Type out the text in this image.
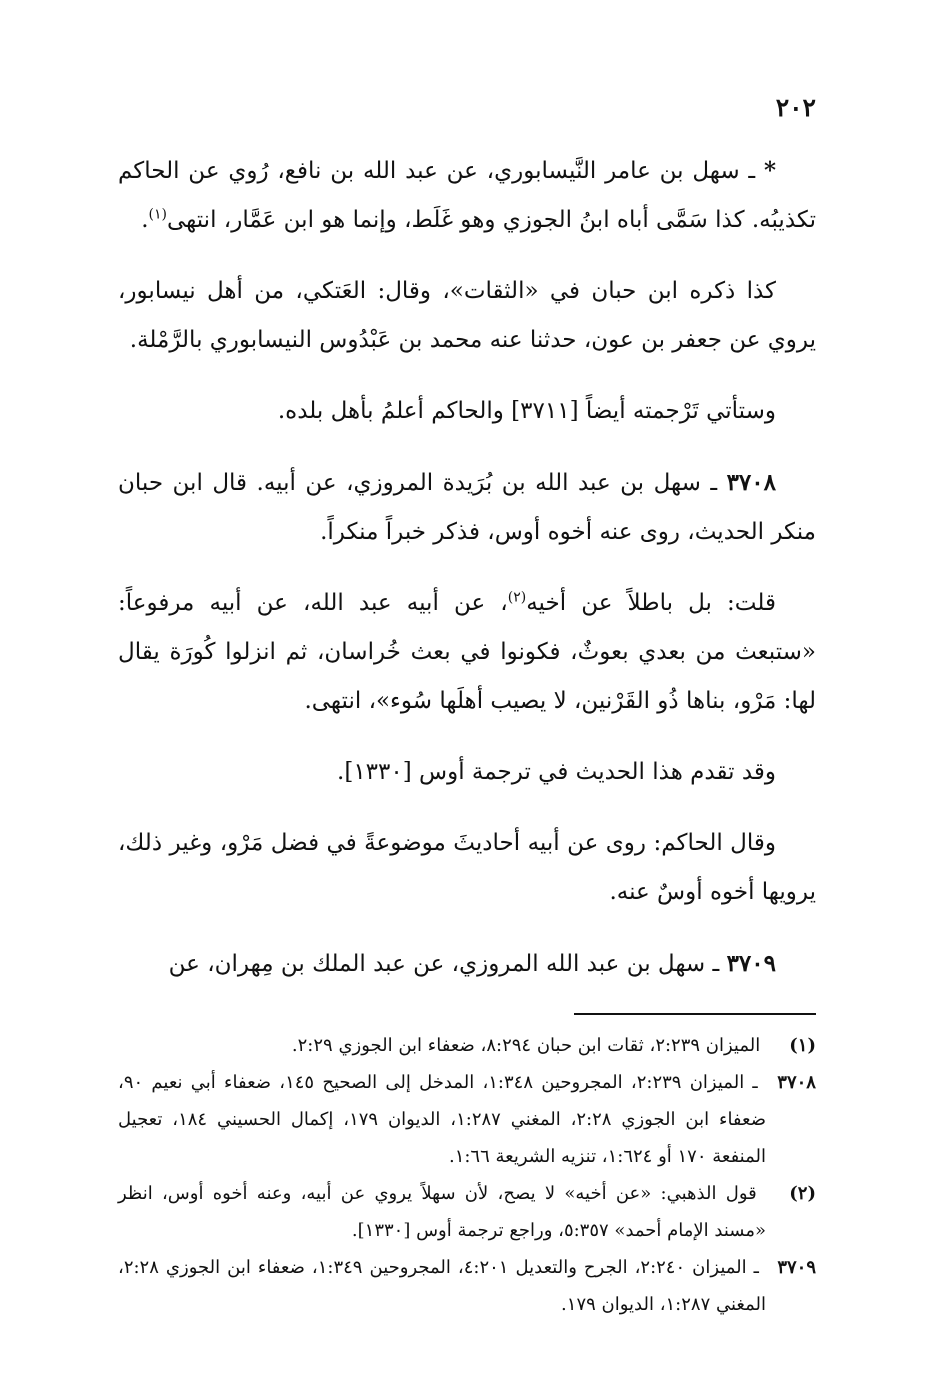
٢٠٢

* ـ سهل بن عامر النَّيسابوري، عن عبد الله بن نافع، رُوي عن الحاكم تكذيبُه. كذا سَمَّى أباه ابنُ الجوزي وهو غَلَط، وإنما هو ابن عَمَّار، انتهى$^{(١)}$.

كذا ذكره ابن حبان في «الثقات»، وقال: العَتكي، من أهل نيسابور، يروي عن جعفر بن عون، حدثنا عنه محمد بن عَبْدُوس النيسابوري بالرَّمْلة.

وستأتي تَرْجمته أيضاً [٣٧١١] والحاكم أعلمُ بأهل بلده.

٣٧٠٨ ـ سهل بن عبد الله بن بُرَيدة المروزي، عن أبيه. قال ابن حبان منكر الحديث، روى عنه أخوه أوس، فذكر خبراً منكراً.

قلت: بل باطلاً عن أخيه$^{(٢)}$، عن أبيه عبد الله، عن أبيه مرفوعاً: «ستبعث من بعدي بعوثٌ، فكونوا في بعث خُراسان، ثم انزلوا كُورَة يقال لها: مَرْو، بناها ذُو القَرْنين، لا يصيب أهلَها سُوء»، انتهى.

وقد تقدم هذا الحديث في ترجمة أوس [١٣٣٠].

وقال الحاكم: روى عن أبيه أحاديثَ موضوعةً في فضل مَرْو، وغير ذلك، يرويها أخوه أوسٌ عنه.

٣٧٠٩ ـ سهل بن عبد الله المروزي، عن عبد الملك بن مِهران، عن

(١) الميزان ٢:٢٣٩، ثقات ابن حبان ٨:٢٩٤، ضعفاء ابن الجوزي ٢:٢٩.

٣٧٠٨ ـ الميزان ٢:٢٣٩، المجروحين ١:٣٤٨، المدخل إلى الصحيح ١٤٥، ضعفاء أبي نعيم ٩٠، ضعفاء ابن الجوزي ٢:٢٨، المغني ١:٢٨٧، الديوان ١٧٩، إكمال الحسيني ١٨٤، تعجيل المنفعة ١٧٠ أو ١:٦٢٤، تنزيه الشريعة ١:٦٦.

(٢) قول الذهبي: «عن أخيه» لا يصح، لأن سهلاً يروي عن أبيه، وعنه أخوه أوس، انظر «مسند الإمام أحمد» ٥:٣٥٧، وراجع ترجمة أوس [١٣٣٠].

٣٧٠٩ ـ الميزان ٢:٢٤٠، الجرح والتعديل ٤:٢٠١، المجروحين ١:٣٤٩، ضعفاء ابن الجوزي ٢:٢٨، المغني ١:٢٨٧، الديوان ١٧٩.
